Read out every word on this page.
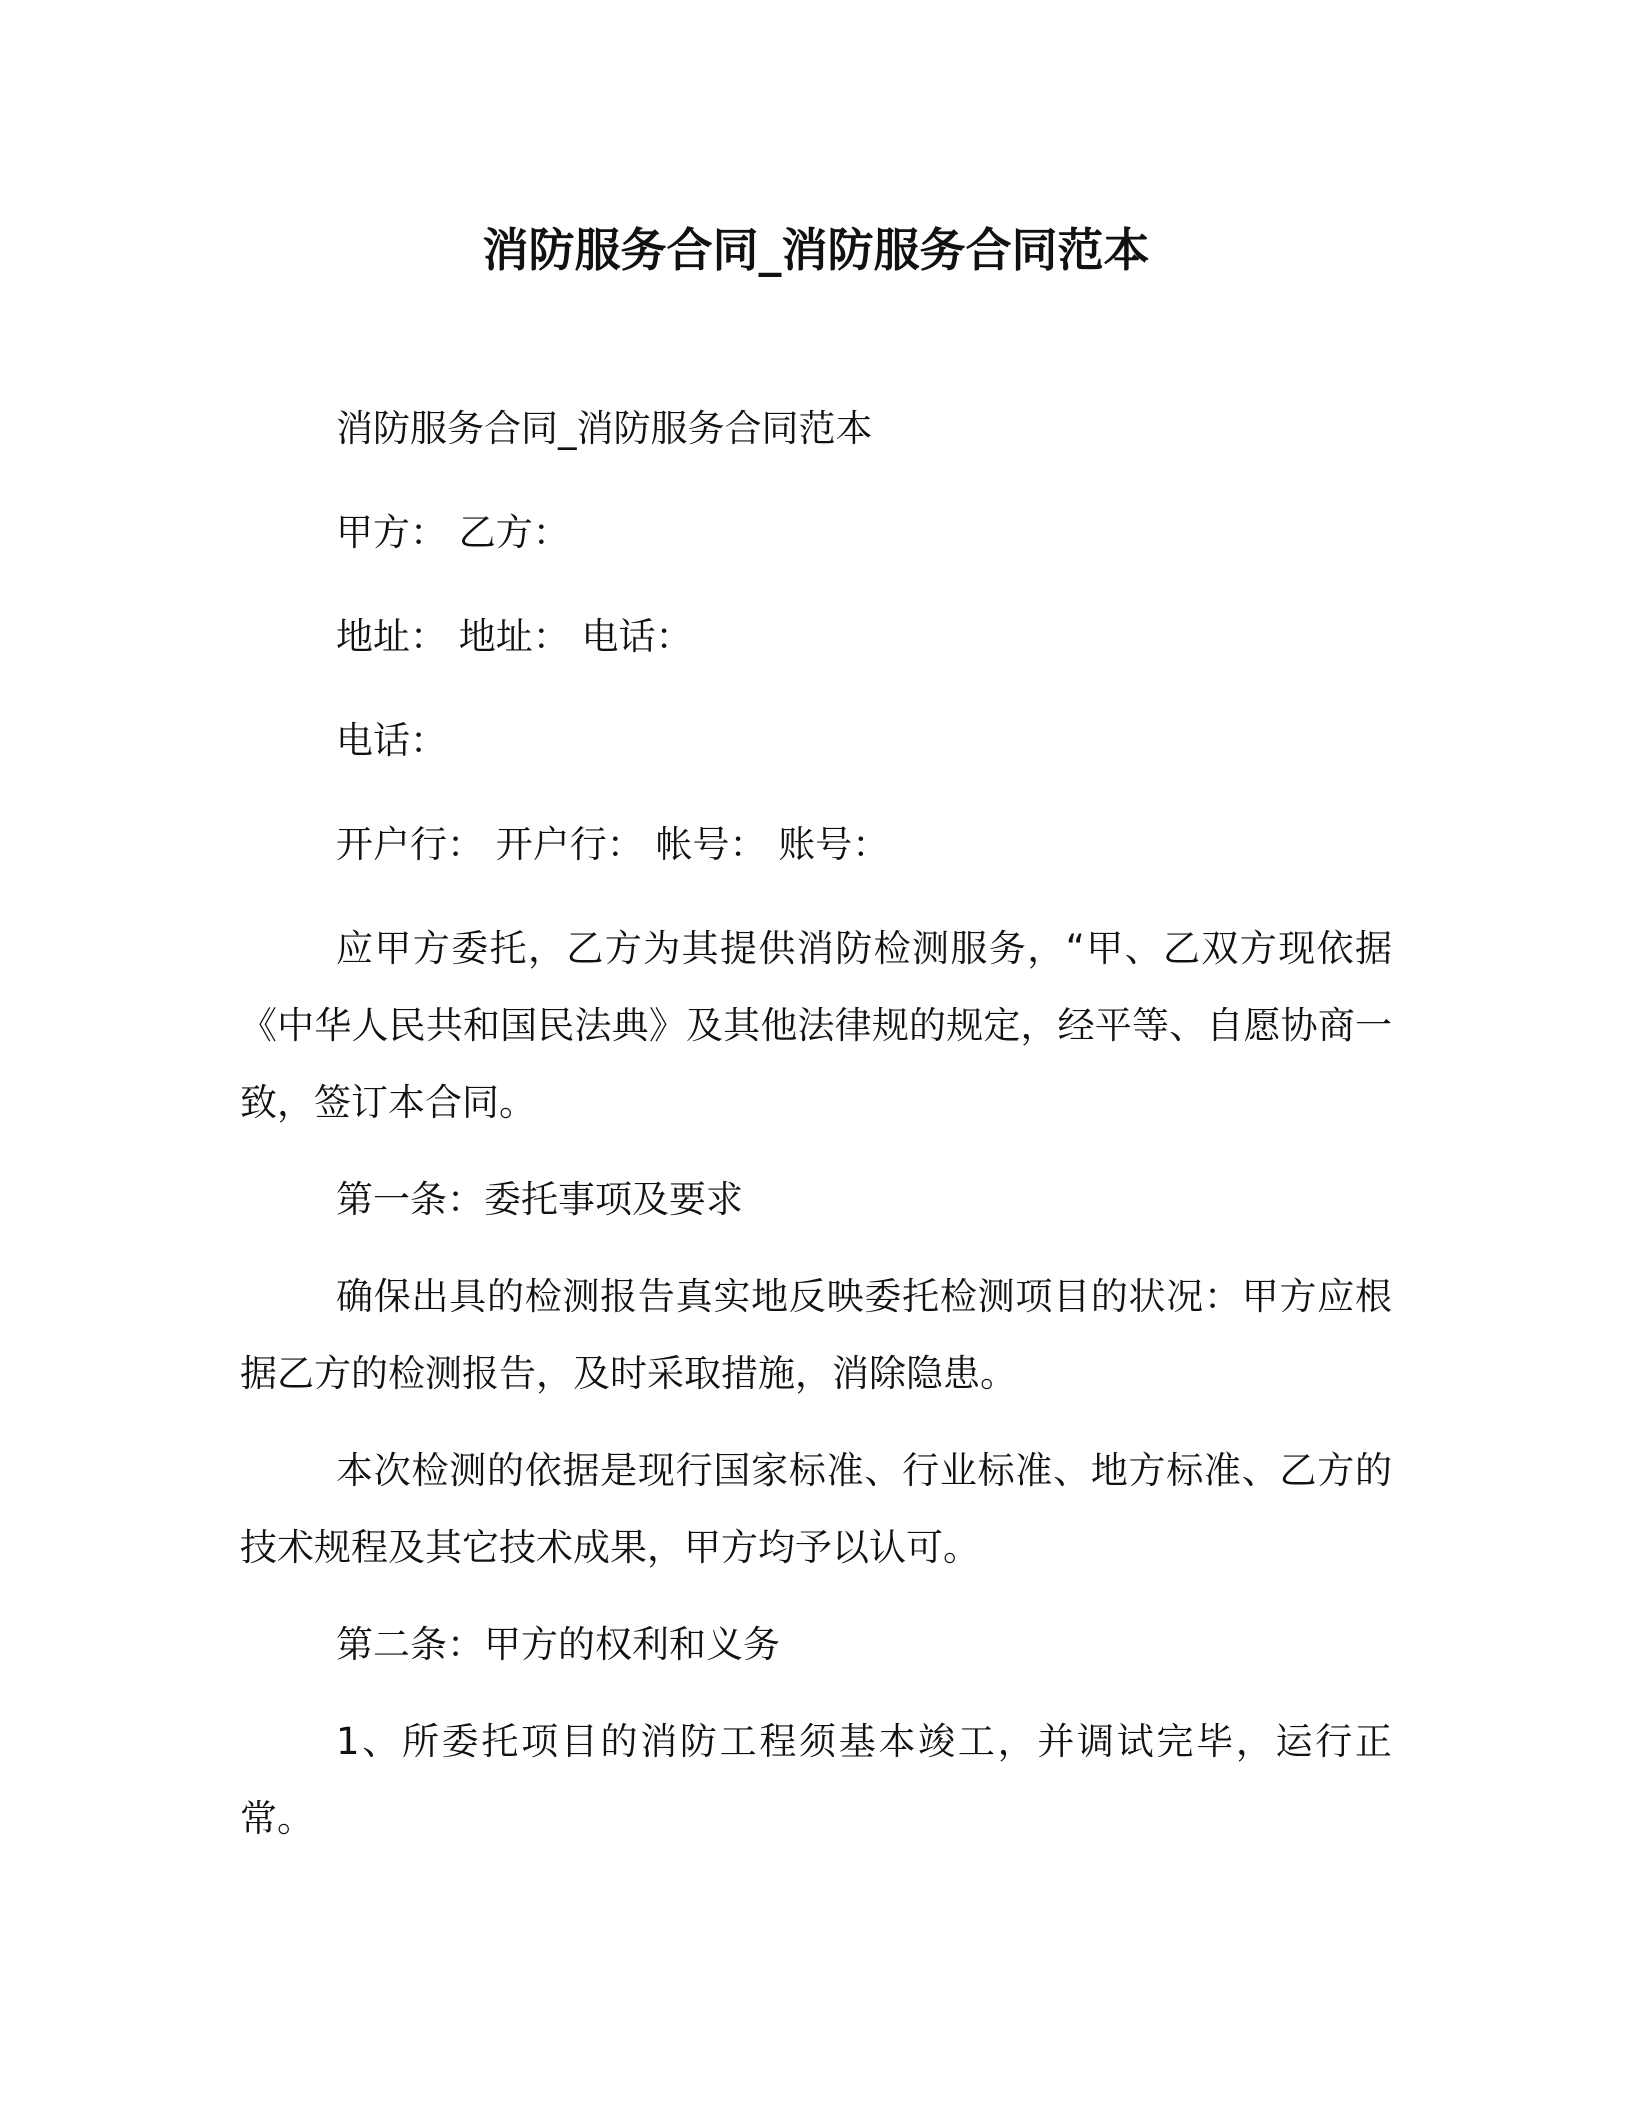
消防服务合同_消防服务合同范本

消防服务合同_消防服务合同范本

甲方： 乙方：

地址： 地址： 电话：

电话：

开户行： 开户行： 帐号： 账号：

应甲方委托，乙方为其提供消防检测服务，“甲、乙双方现依据《中华人民共和国民法典》及其他法律规的规定，经平等、自愿协商一致，签订本合同。

第一条：委托事项及要求

确保出具的检测报告真实地反映委托检测项目的状况：甲方应根据乙方的检测报告，及时采取措施，消除隐患。

本次检测的依据是现行国家标准、行业标准、地方标准、乙方的技术规程及其它技术成果，甲方均予以认可。

第二条：甲方的权利和义务

1、所委托项目的消防工程须基本竣工，并调试完毕，运行正常。
